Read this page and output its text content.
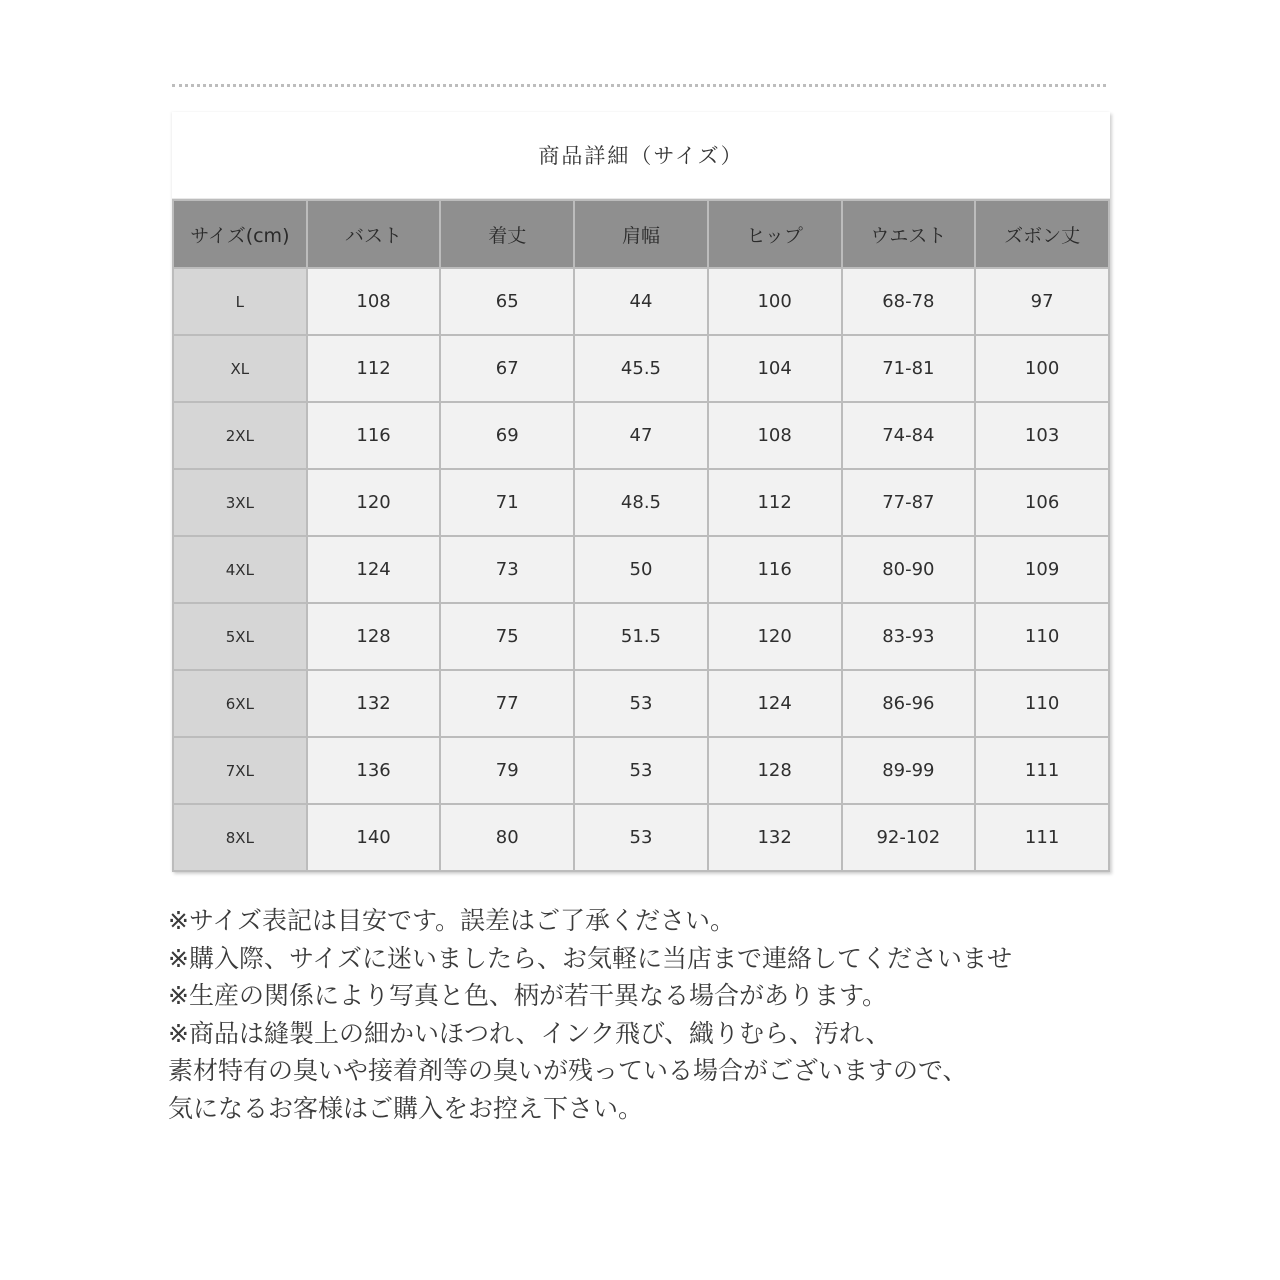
商品詳細（サイズ）
サイズ(cm)	バスト	着丈	肩幅	ヒップ	ウエスト	ズボン丈
L	108	65	44	100	68-78	97
XL	112	67	45.5	104	71-81	100
2XL	116	69	47	108	74-84	103
3XL	120	71	48.5	112	77-87	106
4XL	124	73	50	116	80-90	109
5XL	128	75	51.5	120	83-93	110
6XL	132	77	53	124	86-96	110
7XL	136	79	53	128	89-99	111
8XL	140	80	53	132	92-102	111
※サイズ表記は目安です。誤差はご了承ください。
※購入際、サイズに迷いましたら、お気軽に当店まで連絡してくださいませ
※生産の関係により写真と色、柄が若干異なる場合があります。
※商品は縫製上の細かいほつれ、インク飛び、織りむら、汚れ、
素材特有の臭いや接着剤等の臭いが残っている場合がございますので、
気になるお客様はご購入をお控え下さい。
